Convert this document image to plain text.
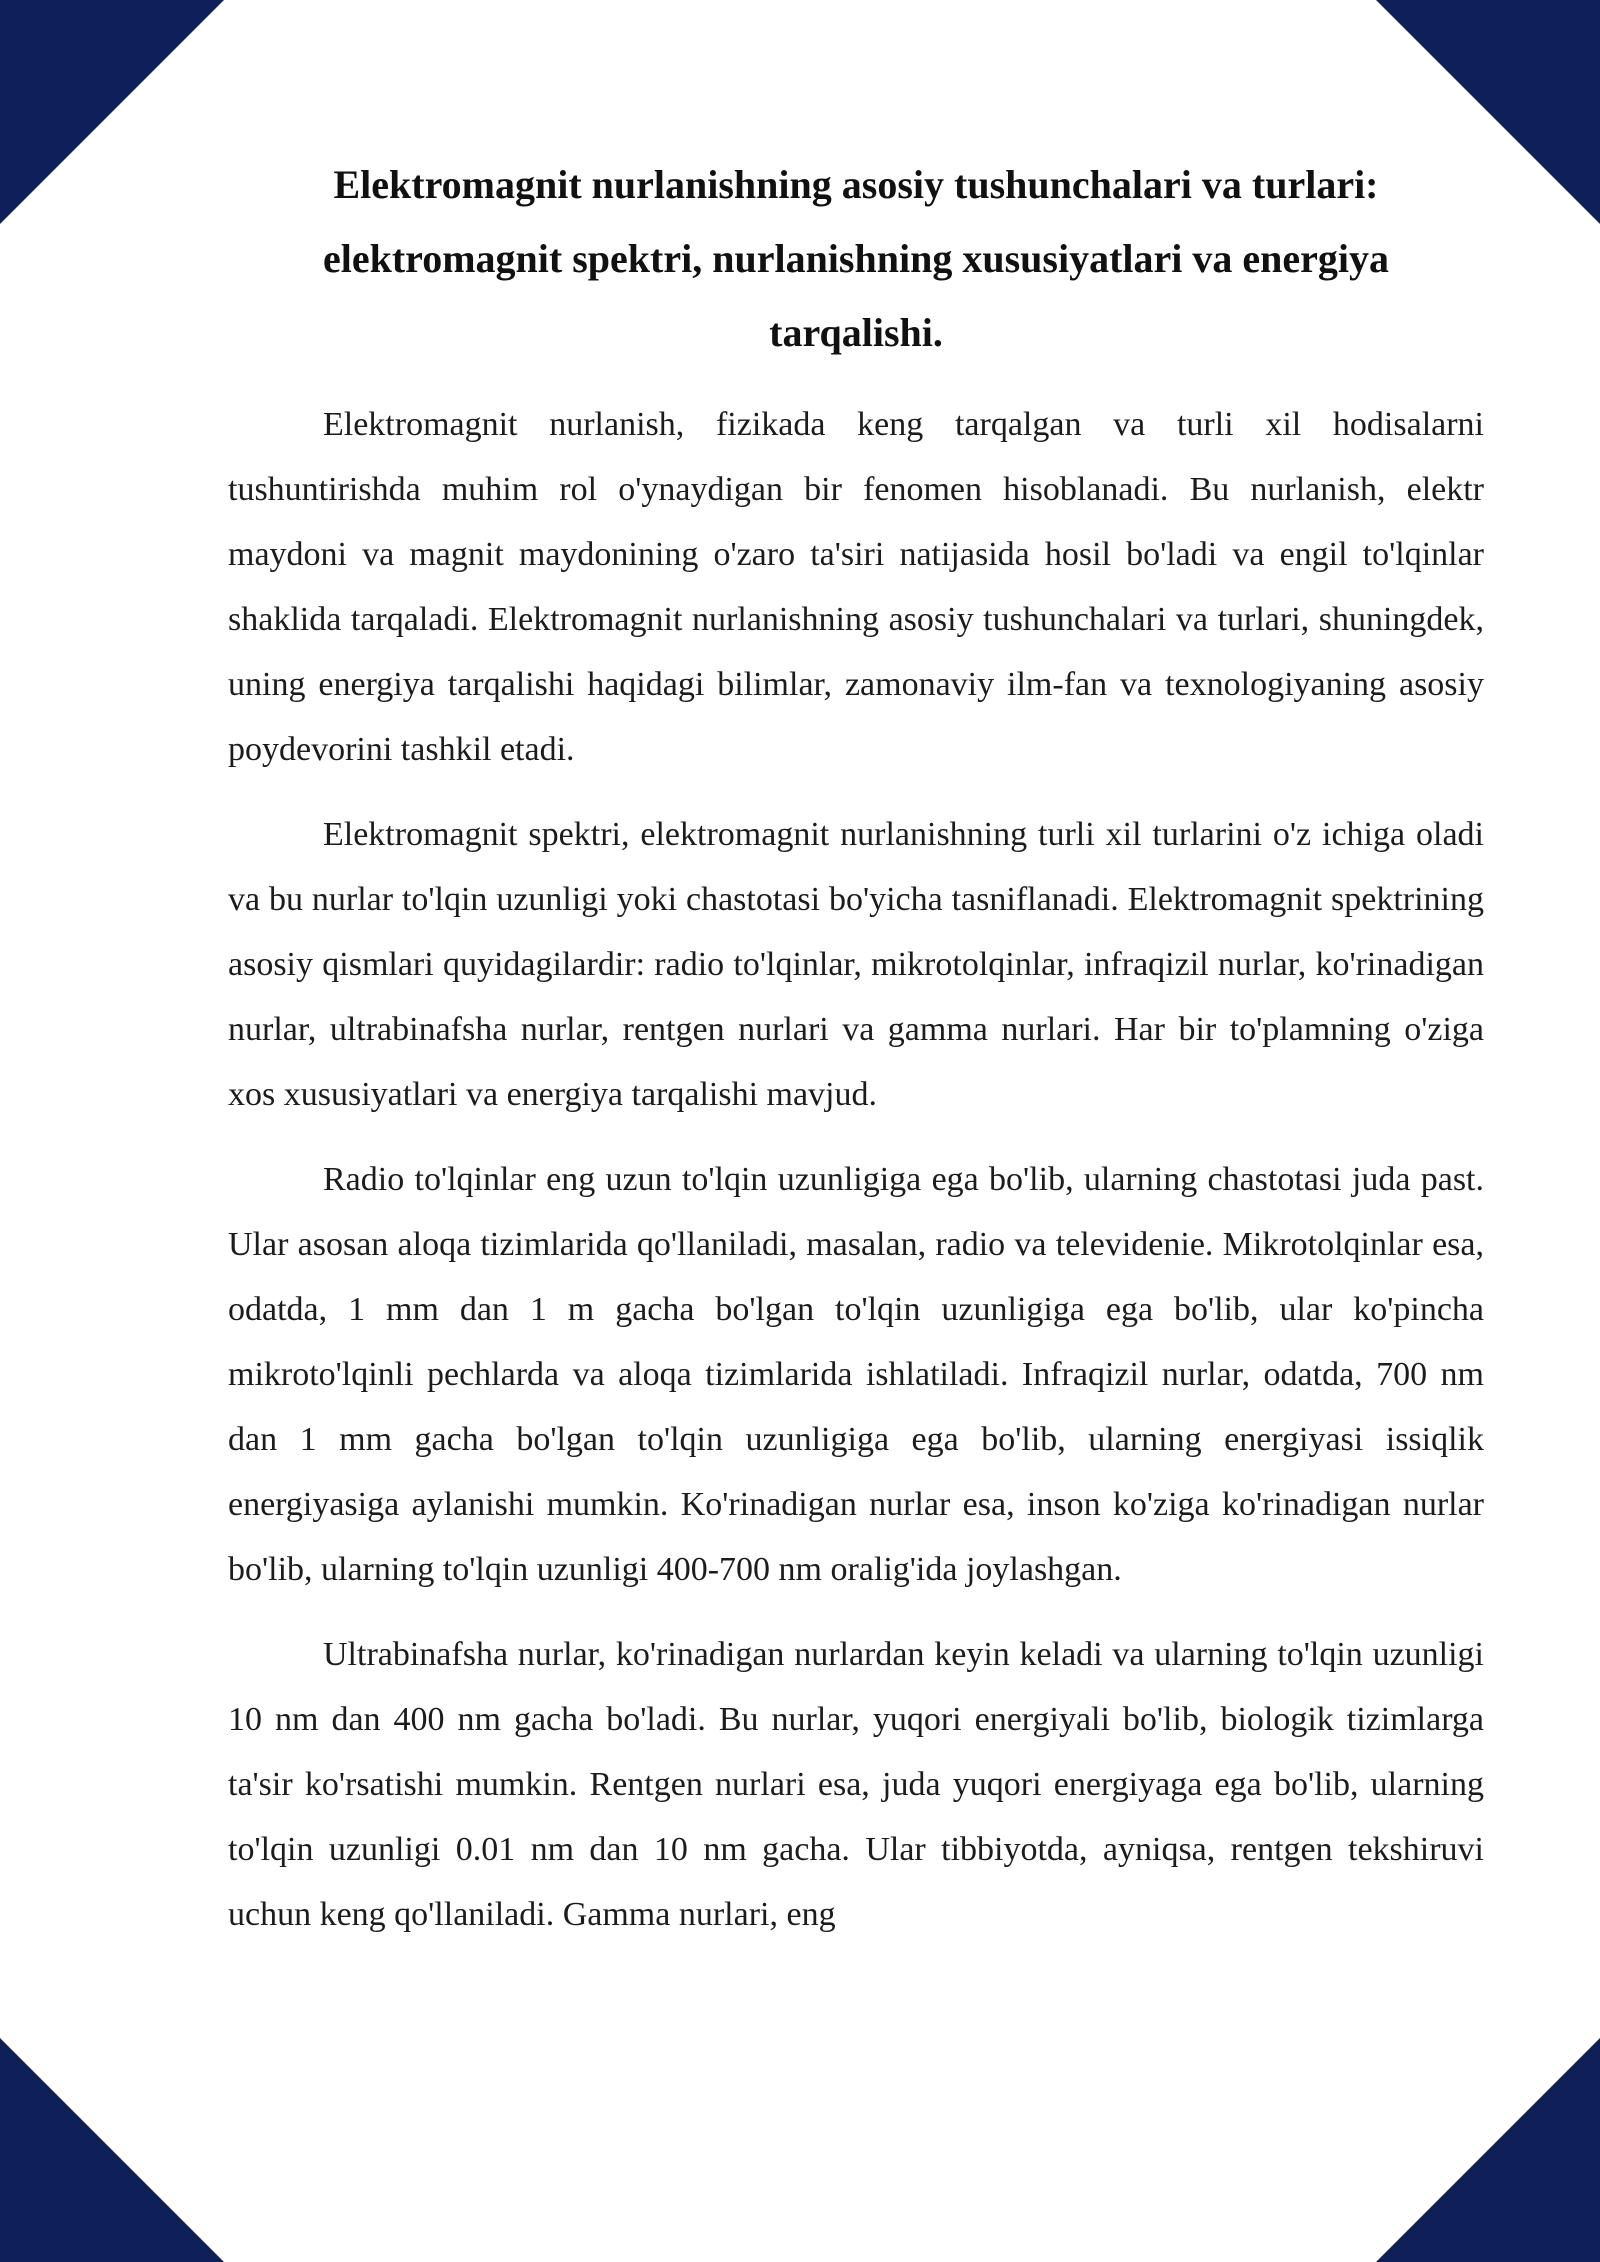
Elektromagnit nurlanishning asosiy tushunchalari va turlari: elektromagnit spektri, nurlanishning xususiyatlari va energiya tarqalishi.

Elektromagnit nurlanish, fizikada keng tarqalgan va turli xil hodisalarni tushuntirishda muhim rol o'ynaydigan bir fenomen hisoblanadi. Bu nurlanish, elektr maydoni va magnit maydonining o'zaro ta'siri natijasida hosil bo'ladi va engil to'lqinlar shaklida tarqaladi. Elektromagnit nurlanishning asosiy tushunchalari va turlari, shuningdek, uning energiya tarqalishi haqidagi bilimlar, zamonaviy ilm-fan va texnologiyaning asosiy poydevorini tashkil etadi.

Elektromagnit spektri, elektromagnit nurlanishning turli xil turlarini o'z ichiga oladi va bu nurlar to'lqin uzunligi yoki chastotasi bo'yicha tasniflanadi. Elektromagnit spektrining asosiy qismlari quyidagilardir: radio to'lqinlar, mikrotolqinlar, infraqizil nurlar, ko'rinadigan nurlar, ultrabinafsha nurlar, rentgen nurlari va gamma nurlari. Har bir to'plamning o'ziga xos xususiyatlari va energiya tarqalishi mavjud.

Radio to'lqinlar eng uzun to'lqin uzunligiga ega bo'lib, ularning chastotasi juda past. Ular asosan aloqa tizimlarida qo'llaniladi, masalan, radio va televidenie. Mikrotolqinlar esa, odatda, 1 mm dan 1 m gacha bo'lgan to'lqin uzunligiga ega bo'lib, ular ko'pincha mikroto'lqinli pechlarda va aloqa tizimlarida ishlatiladi. Infraqizil nurlar, odatda, 700 nm dan 1 mm gacha bo'lgan to'lqin uzunligiga ega bo'lib, ularning energiyasi issiqlik energiyasiga aylanishi mumkin. Ko'rinadigan nurlar esa, inson ko'ziga ko'rinadigan nurlar bo'lib, ularning to'lqin uzunligi 400-700 nm oralig'ida joylashgan.

Ultrabinafsha nurlar, ko'rinadigan nurlardan keyin keladi va ularning to'lqin uzunligi 10 nm dan 400 nm gacha bo'ladi. Bu nurlar, yuqori energiyali bo'lib, biologik tizimlarga ta'sir ko'rsatishi mumkin. Rentgen nurlari esa, juda yuqori energiyaga ega bo'lib, ularning to'lqin uzunligi 0.01 nm dan 10 nm gacha. Ular tibbiyotda, ayniqsa, rentgen tekshiruvi uchun keng qo'llaniladi. Gamma nurlari, eng
